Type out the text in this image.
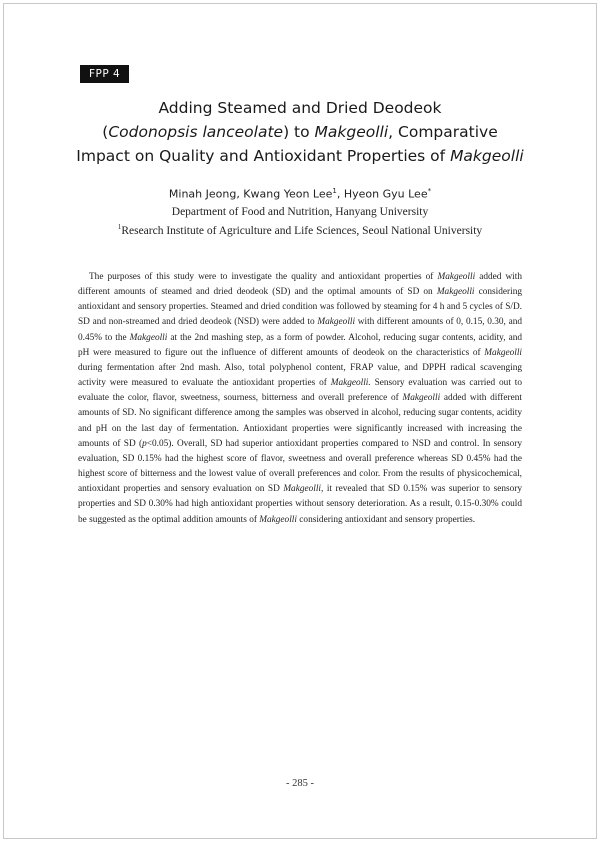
FPP 4
Adding Steamed and Dried Deodeok
(Codonopsis lanceolate) to Makgeolli, Comparative
Impact on Quality and Antioxidant Properties of Makgeolli
Minah Jeong, Kwang Yeon Lee$^1$, Hyeon Gyu Lee*
Department of Food and Nutrition, Hanyang University
$^1$Research Institute of Agriculture and Life Sciences, Seoul National University
The purposes of this study were to investigate the quality and antioxidant properties of Makgeolli added with different amounts of steamed and dried deodeok (SD) and the optimal amounts of SD on Makgeolli considering antioxidant and sensory properties. Steamed and dried condition was followed by steaming for 4 h and 5 cycles of S/D. SD and non-streamed and dried deodeok (NSD) were added to Makgeolli with different amounts of 0, 0.15, 0.30, and 0.45% to the Makgeolli at the 2nd mashing step, as a form of powder. Alcohol, reducing sugar contents, acidity, and pH were measured to figure out the influence of different amounts of deodeok on the characteristics of Makgeolli during fermentation after 2nd mash. Also, total polyphenol content, FRAP value, and DPPH radical scavenging activity were measured to evaluate the antioxidant properties of Makgeolli. Sensory evaluation was carried out to evaluate the color, flavor, sweetness, sourness, bitterness and overall preference of Makgeolli added with different amounts of SD. No significant difference among the samples was observed in alcohol, reducing sugar contents, acidity and pH on the last day of fermentation. Antioxidant properties were significantly increased with increasing the amounts of SD (p<0.05). Overall, SD had superior antioxidant properties compared to NSD and control. In sensory evaluation, SD 0.15% had the highest score of flavor, sweetness and overall preference whereas SD 0.45% had the highest score of bitterness and the lowest value of overall preferences and color. From the results of physicochemical, antioxidant properties and sensory evaluation on SD Makgeolli, it revealed that SD 0.15% was superior to sensory properties and SD 0.30% had high antioxidant properties without sensory deterioration. As a result, 0.15-0.30% could be suggested as the optimal addition amounts of Makgeolli considering antioxidant and sensory properties.
- 285 -
